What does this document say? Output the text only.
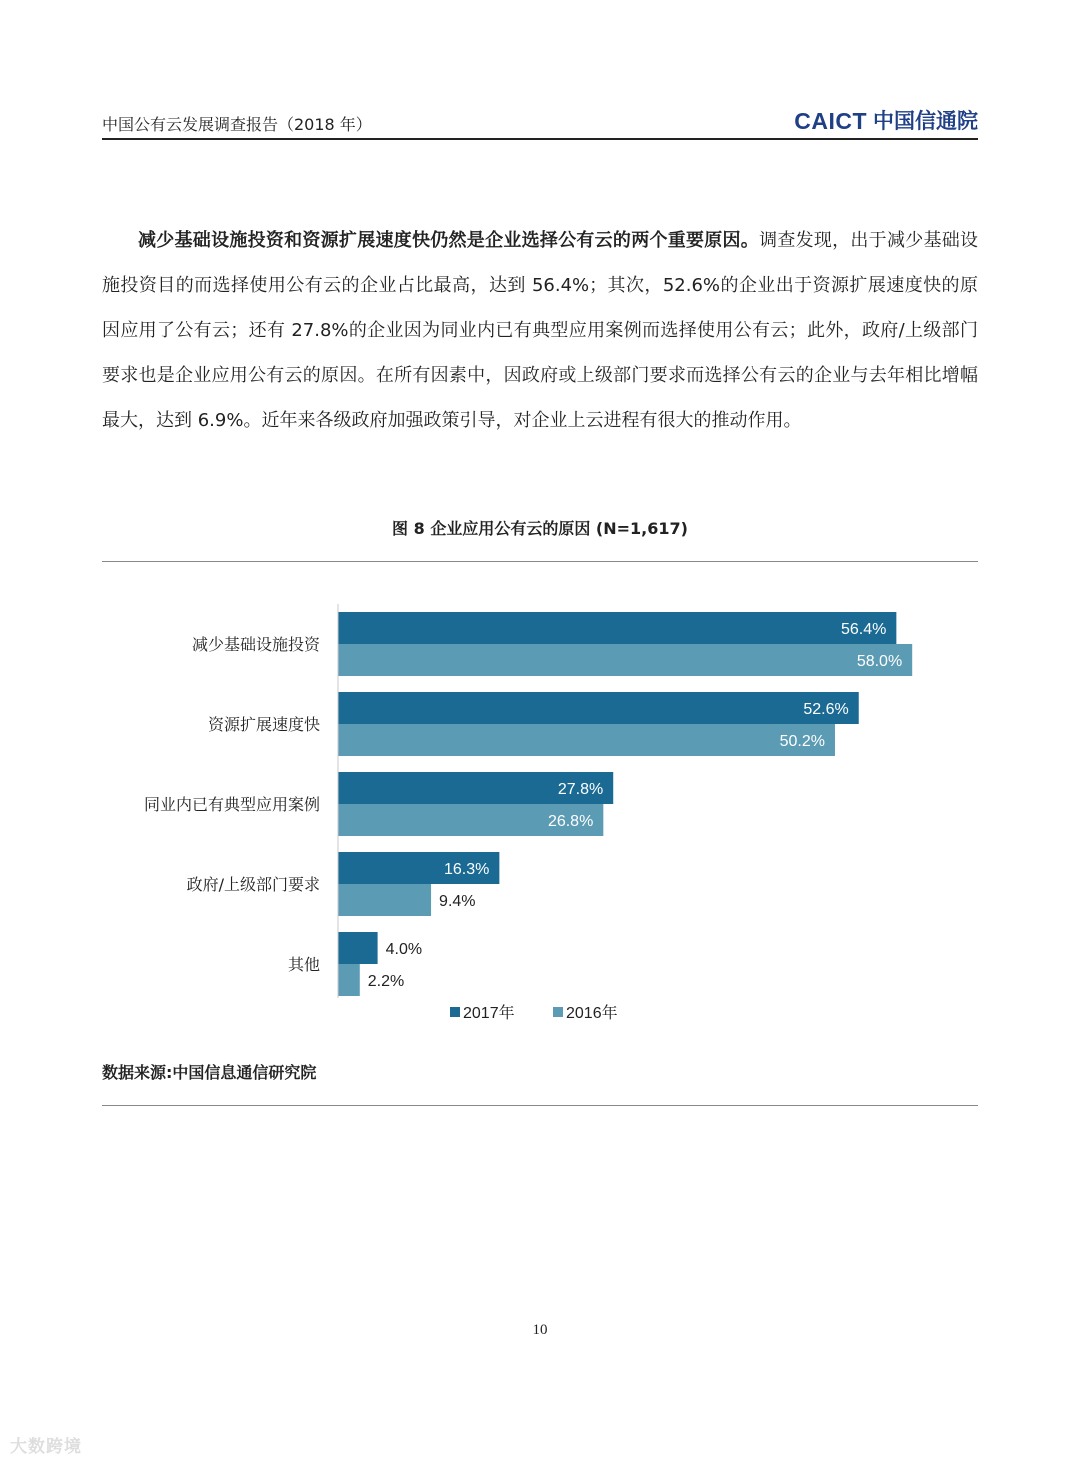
中国公有云发展调查报告（2018 年）	CAICT 中国信通院

减少基础设施投资和资源扩展速度快仍然是企业选择公有云的两个重要原因。调查发现，出于减少基础设施投资目的而选择使用公有云的企业占比最高，达到 56.4%；其次，52.6%的企业出于资源扩展速度快的原因应用了公有云；还有 27.8%的企业因为同业内已有典型应用案例而选择使用公有云；此外，政府/上级部门要求也是企业应用公有云的原因。在所有因素中，因政府或上级部门要求而选择公有云的企业与去年相比增幅最大，达到 6.9%。近年来各级政府加强政策引导，对企业上云进程有很大的推动作用。

图 8 企业应用公有云的原因 (N=1,617)
减少基础设施投资
56.4%
58.0%
资源扩展速度快
52.6%
50.2%
同业内已有典型应用案例
27.8%
26.8%
政府/上级部门要求
16.3%
9.4%
其他
4.0%
2.2%
2017年	2016年
数据来源:中国信息通信研究院
10
大数跨境
